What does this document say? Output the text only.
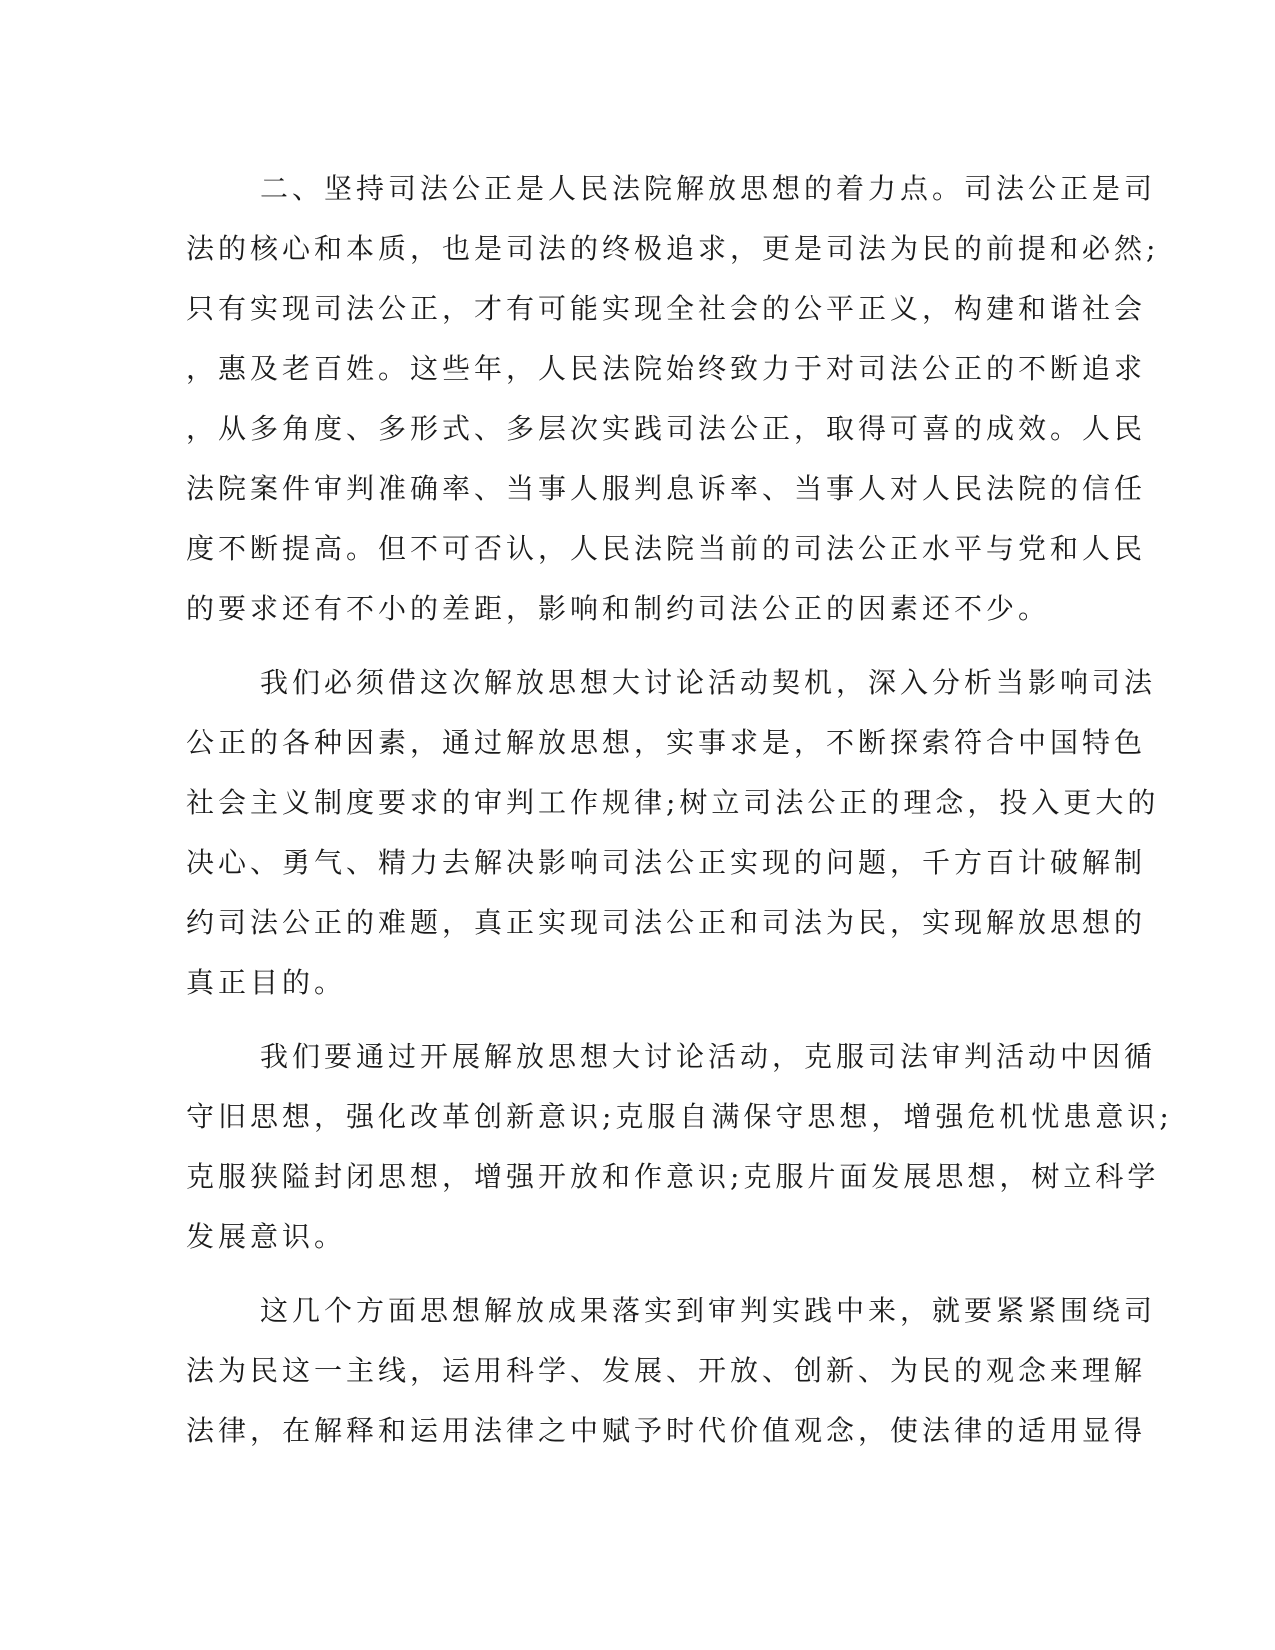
二、坚持司法公正是人民法院解放思想的着力点。司法公正是司
法的核心和本质，也是司法的终极追求，更是司法为民的前提和必然;
只有实现司法公正，才有可能实现全社会的公平正义，构建和谐社会
，惠及老百姓。这些年，人民法院始终致力于对司法公正的不断追求
，从多角度、多形式、多层次实践司法公正，取得可喜的成效。人民
法院案件审判准确率、当事人服判息诉率、当事人对人民法院的信任
度不断提高。但不可否认，人民法院当前的司法公正水平与党和人民
的要求还有不小的差距，影响和制约司法公正的因素还不少。
我们必须借这次解放思想大讨论活动契机，深入分析当影响司法
公正的各种因素，通过解放思想，实事求是，不断探索符合中国特色
社会主义制度要求的审判工作规律;树立司法公正的理念，投入更大的
决心、勇气、精力去解决影响司法公正实现的问题，千方百计破解制
约司法公正的难题，真正实现司法公正和司法为民，实现解放思想的
真正目的。
我们要通过开展解放思想大讨论活动，克服司法审判活动中因循
守旧思想，强化改革创新意识;克服自满保守思想，增强危机忧患意识;
克服狭隘封闭思想，增强开放和作意识;克服片面发展思想，树立科学
发展意识。
这几个方面思想解放成果落实到审判实践中来，就要紧紧围绕司
法为民这一主线，运用科学、发展、开放、创新、为民的观念来理解
法律，在解释和运用法律之中赋予时代价值观念，使法律的适用显得
